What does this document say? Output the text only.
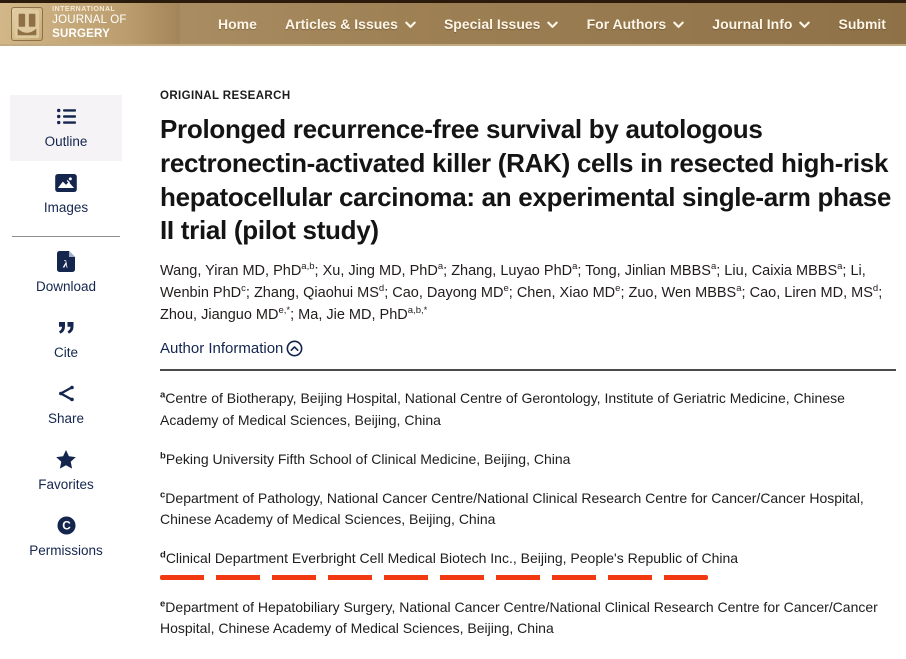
INTERNATIONAL
JOURNAL OF SURGERY
Home Articles & Issues	Special Issues	For Authors	Journal Info	Submit
Outline
Images
λ
Download
Cite
Share
Favorites
C
Permissions

ORIGINAL RESEARCH

Prolonged recurrence-free survival by autologous rectronectin-activated killer (RAK) cells in resected high-risk hepatocellular carcinoma: an experimental single-arm phase II trial (pilot study)

Wang, Yiran MD, PhD$^{a,b}$; Xu, Jing MD, PhD$^a$; Zhang, Luyao PhD$^a$; Tong, Jinlian MBBS$^a$; Liu, Caixia MBBS$^a$; Li, Wenbin PhD$^c$; Zhang, Qiaohui $MS^d$; Cao, Dayong MDe; Chen, Xiao MDe; Zuo, Wen MBBS$^a$; Cao, Liren MD, $MS^d$; Zhou, Jianguo $MD^{e,*}$; Ma, Jie MD, PhD$^{a,b,*}$

Author Information

$^a$Centre of Biotherapy, Beijing Hospital, National Centre of Gerontology, Institute of Geriatric Medicine, Chinese Academy of Medical Sciences, Beijing, China

$^b$Peking University Fifth School of Clinical Medicine, Beijing, China

$^c$Department of Pathology, National Cancer Centre/National Clinical Research Centre for Cancer/Cancer Hospital, Chinese Academy of Medical Sciences, Beijing, China

$^d$Clinical Department Everbright Cell Medical Biotech Inc., Beijing, People's Republic of China

$^e$Department of Hepatobiliary Surgery, National Cancer Centre/National Clinical Research Centre for Cancer/Cancer Hospital, Chinese Academy of Medical Sciences, Beijing, China
